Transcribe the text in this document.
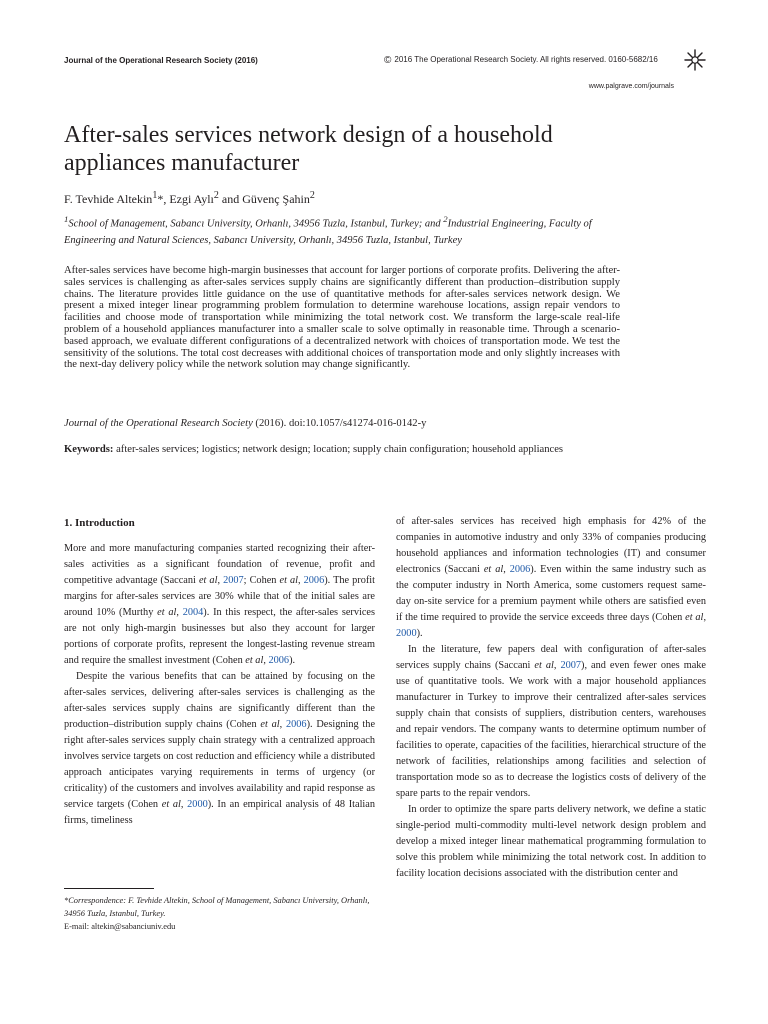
Journal of the Operational Research Society (2016)	© 2016 The Operational Research Society. All rights reserved. 0160-5682/16
www.palgrave.com/journals
After-sales services network design of a household
appliances manufacturer
F. Tevhide Altekin$^1$*, Ezgi Aylı$^2$ and Güvenç Şahin$^2$
$^1$School of Management, Sabancı University, Orhanlı, 34956 Tuzla, Istanbul, Turkey; and $^2$Industrial Engineering, Faculty of Engineering and Natural Sciences, Sabancı University, Orhanlı, 34956 Tuzla, Istanbul, Turkey
After-sales services have become high-margin businesses that account for larger portions of corporate profits. Delivering the after-sales services is challenging as after-sales services supply chains are significantly different than production–distribution supply chains. The literature provides little guidance on the use of quantitative methods for after-sales services network design. We present a mixed integer linear programming problem formulation to determine warehouse locations, assign repair vendors to facilities and choose mode of transportation while minimizing the total network cost. We transform the large-scale real-life problem of a household appliances manufacturer into a smaller scale to solve optimally in reasonable time. Through a scenario-based approach, we evaluate different configurations of a decentralized network with choices of transportation mode. We test the sensitivity of the solutions. The total cost decreases with additional choices of transportation mode and only slightly increases with the next-day delivery policy while the network solution may change significantly.
Journal of the Operational Research Society (2016). doi:10.1057/s41274-016-0142-y
Keywords: after-sales services; logistics; network design; location; supply chain configuration; household appliances
1. Introduction

More and more manufacturing companies started recognizing their after-sales activities as a significant foundation of revenue, profit and competitive advantage (Saccani et al, 2007; Cohen et al, 2006). The profit margins for after-sales services are 30% while that of the initial sales are around 10% (Murthy et al, 2004). In this respect, the after-sales services are not only high-margin businesses but also they account for larger portions of corporate profits, represent the longest-lasting revenue stream and require the smallest investment (Cohen et al, 2006).

Despite the various benefits that can be attained by focusing on the after-sales services, delivering after-sales services is challenging as the after-sales services supply chains are significantly different than the production–distribution supply chains (Cohen et al, 2006). Designing the right after-sales services supply chain strategy with a centralized approach involves service targets on cost reduction and efficiency while a distributed approach anticipates varying requirements in terms of urgency (or criticality) of the customers and involves availability and rapid response as service targets (Cohen et al, 2000). In an empirical analysis of 48 Italian firms, timeliness

of after-sales services has received high emphasis for 42% of the companies in automotive industry and only 33% of companies producing household appliances and information technologies (IT) and consumer electronics (Saccani et al, 2006). Even within the same industry such as the computer industry in North America, some customers request same-day on-site service for a premium payment while others are satisfied even if the time required to provide the service exceeds three days (Cohen et al, 2000).

In the literature, few papers deal with configuration of after-sales services supply chains (Saccani et al, 2007), and even fewer ones make use of quantitative tools. We work with a major household appliances manufacturer in Turkey to improve their centralized after-sales services supply chain that consists of suppliers, distribution centers, warehouses and repair vendors. The company wants to determine optimum number of facilities to operate, capacities of the facilities, hierarchical structure of the network of facilities, relationships among facilities and selection of transportation mode so as to decrease the logistics costs of delivery of the spare parts to the repair vendors.

In order to optimize the spare parts delivery network, we define a static single-period multi-commodity multi-level network design problem and develop a mixed integer linear mathematical programming formulation to solve this problem while minimizing the total network cost. In addition to facility location decisions associated with the distribution center and

*Correspondence: F. Tevhide Altekin, School of Management, Sabancı University, Orhanlı, 34956 Tuzla, Istanbul, Turkey.
E-mail: altekin@sabanciuniv.edu
